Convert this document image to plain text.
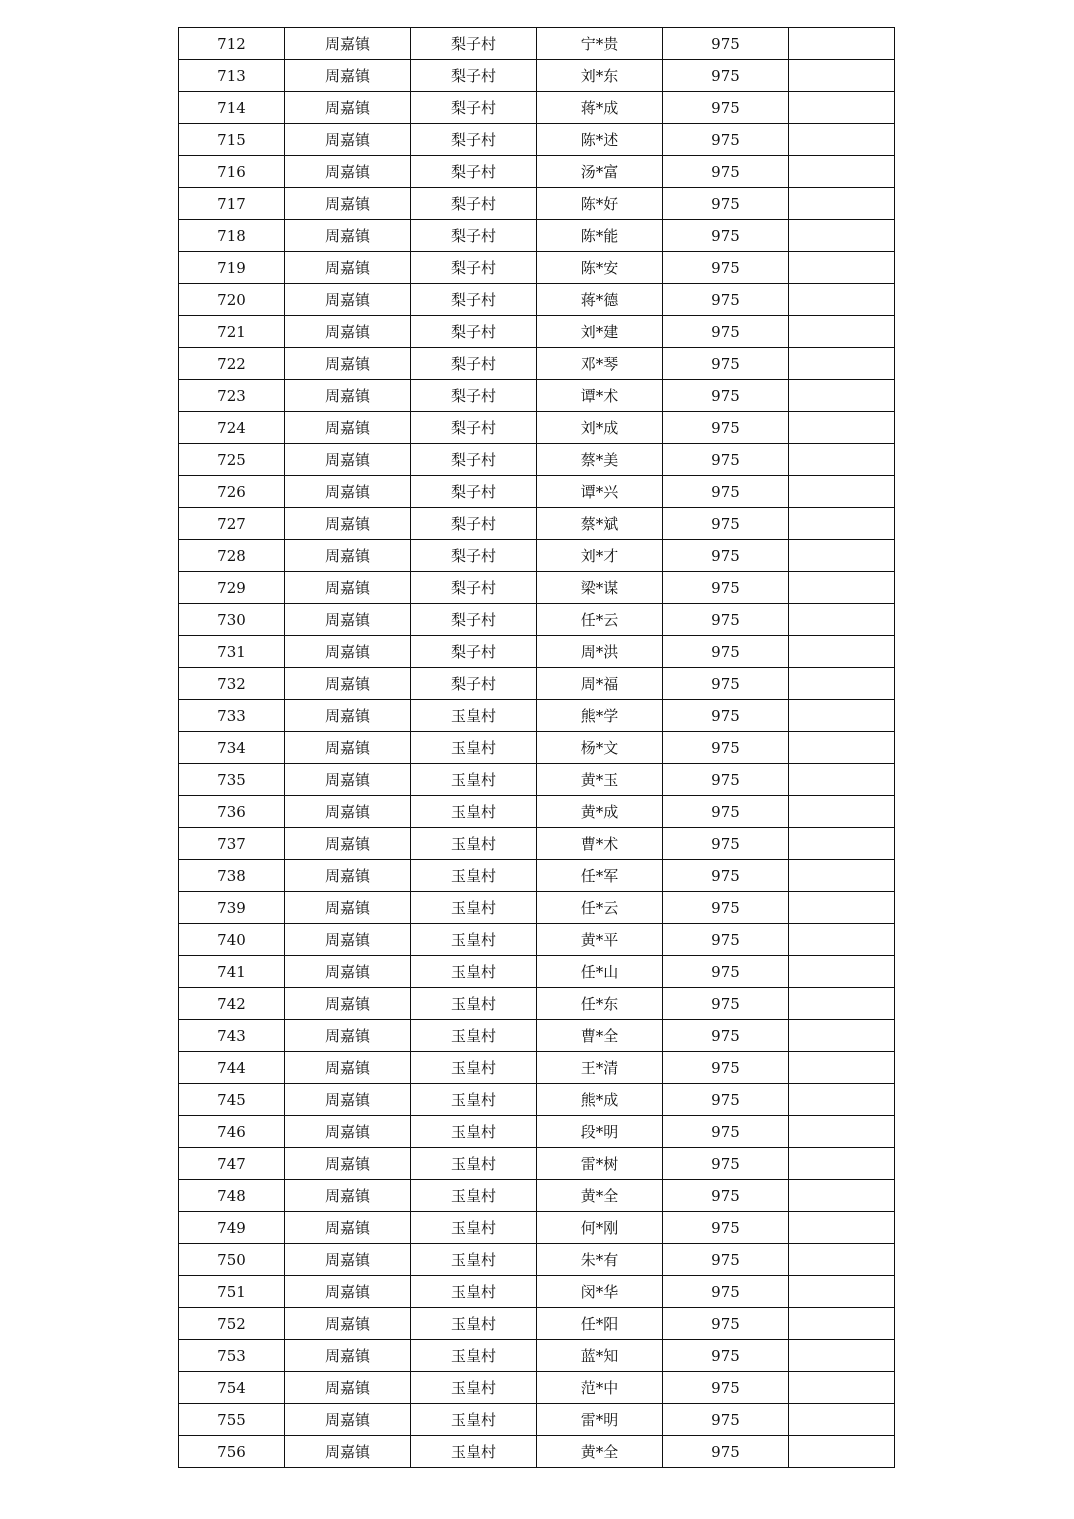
712	周嘉镇	梨子村	宁*贵	975	
713	周嘉镇	梨子村	刘*东	975	
714	周嘉镇	梨子村	蒋*成	975	
715	周嘉镇	梨子村	陈*述	975	
716	周嘉镇	梨子村	汤*富	975	
717	周嘉镇	梨子村	陈*好	975	
718	周嘉镇	梨子村	陈*能	975	
719	周嘉镇	梨子村	陈*安	975	
720	周嘉镇	梨子村	蒋*德	975	
721	周嘉镇	梨子村	刘*建	975	
722	周嘉镇	梨子村	邓*琴	975	
723	周嘉镇	梨子村	谭*术	975	
724	周嘉镇	梨子村	刘*成	975	
725	周嘉镇	梨子村	蔡*美	975	
726	周嘉镇	梨子村	谭*兴	975	
727	周嘉镇	梨子村	蔡*斌	975	
728	周嘉镇	梨子村	刘*才	975	
729	周嘉镇	梨子村	梁*谋	975	
730	周嘉镇	梨子村	任*云	975	
731	周嘉镇	梨子村	周*洪	975	
732	周嘉镇	梨子村	周*福	975	
733	周嘉镇	玉皇村	熊*学	975	
734	周嘉镇	玉皇村	杨*文	975	
735	周嘉镇	玉皇村	黄*玉	975	
736	周嘉镇	玉皇村	黄*成	975	
737	周嘉镇	玉皇村	曹*术	975	
738	周嘉镇	玉皇村	任*军	975	
739	周嘉镇	玉皇村	任*云	975	
740	周嘉镇	玉皇村	黄*平	975	
741	周嘉镇	玉皇村	任*山	975	
742	周嘉镇	玉皇村	任*东	975	
743	周嘉镇	玉皇村	曹*全	975	
744	周嘉镇	玉皇村	王*清	975	
745	周嘉镇	玉皇村	熊*成	975	
746	周嘉镇	玉皇村	段*明	975	
747	周嘉镇	玉皇村	雷*树	975	
748	周嘉镇	玉皇村	黄*全	975	
749	周嘉镇	玉皇村	何*刚	975	
750	周嘉镇	玉皇村	朱*有	975	
751	周嘉镇	玉皇村	闵*华	975	
752	周嘉镇	玉皇村	任*阳	975	
753	周嘉镇	玉皇村	蓝*知	975	
754	周嘉镇	玉皇村	范*中	975	
755	周嘉镇	玉皇村	雷*明	975	
756	周嘉镇	玉皇村	黄*全	975	
